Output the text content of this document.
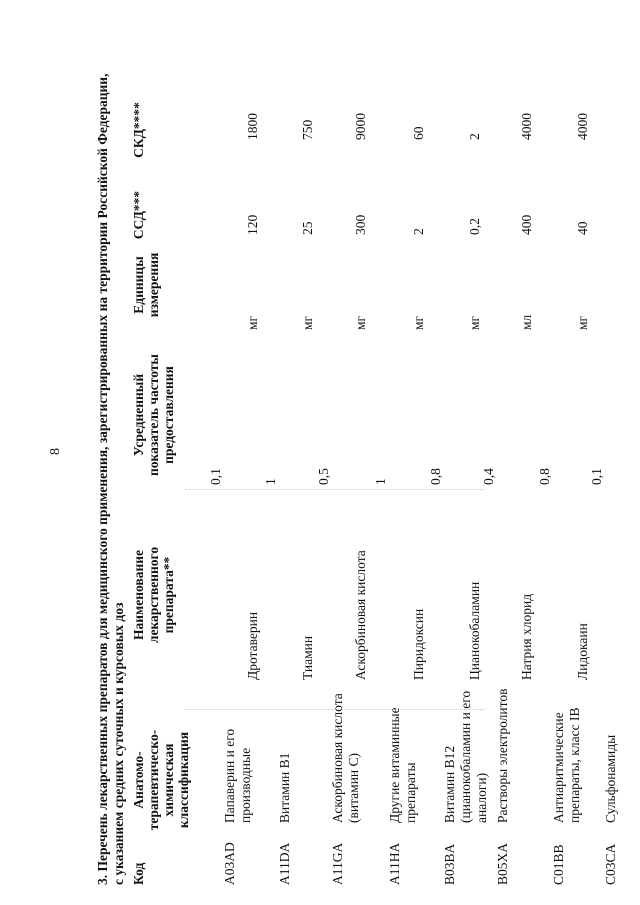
8 3. Перечень лекарственных препаратов для медицинского применения, зарегистрированных на территории Российской Федерации, с указанием средних суточных и курсовых доз Код
Анатомо-терапевтическо-химическая классификация
Наименование лекарственного препарата**
Усредненный показатель частоты предоставления
Единицы измерения
ССД***
СКД****
A03AD
Папаверин и его производные
0,1
Дротаверин
мг
120
1800
A11DA
Витамин B1
1
Тиамин
мг
25
750
A11GA
Аскорбиновая кислота (витамин C)
0,5
Аскорбиновая кислота
мг
300
9000
A11HA
Другие витаминные препараты
1
Пиридоксин
мг
2
60
B03BA
Витамин B12 (цианокобаламин и его аналоги)
0,8
Цианокобаламин
мг
0,2
2
B05XA
Растворы электролитов
0,4
Натрия хлорид
мл
400
4000
C01BB
Антиаритмические препараты, класс IB
0,8
Лидокаин
мг
40
4000
C03CA
Сульфонамиды
0,1
